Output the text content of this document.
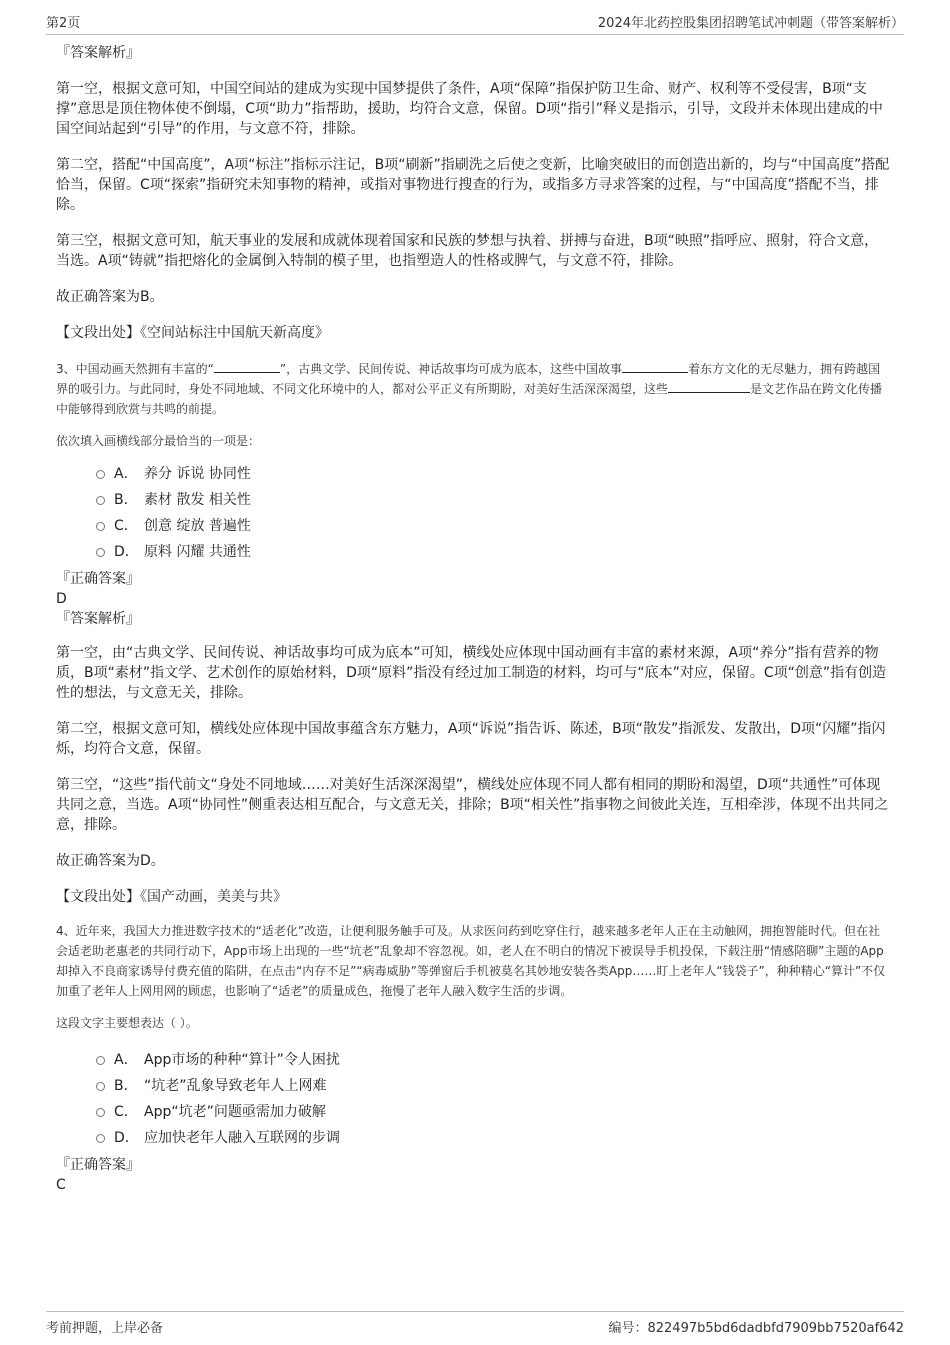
第2页	2024年北药控股集团招聘笔试冲刺题（带答案解析）

『答案解析』

第一空，根据文意可知，中国空间站的建成为实现中国梦提供了条件，A项“保障”指保护防卫生命、财产、权利等不受侵害，B项“支撑”意思是顶住物体使不倒塌，C项“助力”指帮助，援助，均符合文意，保留。D项“指引”释义是指示，引导，文段并未体现出建成的中国空间站起到“引导”的作用，与文意不符，排除。

第二空，搭配“中国高度”，A项“标注”指标示注记，B项“刷新”指刷洗之后使之变新，比喻突破旧的而创造出新的，均与“中国高度”搭配恰当，保留。C项“探索”指研究未知事物的精神，或指对事物进行搜查的行为，或指多方寻求答案的过程，与“中国高度”搭配不当，排除。

第三空，根据文意可知，航天事业的发展和成就体现着国家和民族的梦想与执着、拼搏与奋进，B项“映照”指呼应、照射，符合文意，当选。A项“铸就”指把熔化的金属倒入特制的模子里，也指塑造人的性格或脾气，与文意不符，排除。

故正确答案为B。

【文段出处】《空间站标注中国航天新高度》

3、中国动画天然拥有丰富的“	”，古典文学、民间传说、神话故事均可成为底本，这些中国故事	着东方文化的无尽魅力，拥有跨越国界的吸引力。与此同时，身处不同地域、不同文化环境中的人，都对公平正义有所期盼，对美好生活深深渴望，这些	是文艺作品在跨文化传播中能够得到欣赏与共鸣的前提。

依次填入画横线部分最恰当的一项是：

A． 养分 诉说 协同性
B． 素材 散发 相关性
C． 创意 绽放 普遍性
D． 原料 闪耀 共通性

『正确答案』

D

『答案解析』

第一空，由“古典文学、民间传说、神话故事均可成为底本”可知，横线处应体现中国动画有丰富的素材来源，A项“养分”指有营养的物质，B项“素材”指文学、艺术创作的原始材料，D项“原料”指没有经过加工制造的材料，均可与“底本”对应，保留。C项“创意”指有创造性的想法，与文意无关，排除。

第二空，根据文意可知，横线处应体现中国故事蕴含东方魅力，A项“诉说”指告诉、陈述，B项“散发”指派发、发散出，D项“闪耀”指闪烁，均符合文意，保留。

第三空，“这些”指代前文“身处不同地域……对美好生活深深渴望”，横线处应体现不同人都有相同的期盼和渴望，D项“共通性”可体现共同之意，当选。A项“协同性”侧重表达相互配合，与文意无关，排除；B项“相关性”指事物之间彼此关连，互相牵涉，体现不出共同之意，排除。

故正确答案为D。

【文段出处】《国产动画，美美与共》

4、近年来，我国大力推进数字技术的“适老化”改造，让便利服务触手可及。从求医问药到吃穿住行，越来越多老年人正在主动触网，拥抱智能时代。但在社会适老助老惠老的共同行动下，App市场上出现的一些“坑老”乱象却不容忽视。如，老人在不明白的情况下被误导手机投保，下载注册“情感陪聊”主题的App却掉入不良商家诱导付费充值的陷阱，在点击“内存不足”“病毒威胁”等弹窗后手机被莫名其妙地安装各类App……盯上老年人“钱袋子”，种种精心“算计”不仅加重了老年人上网用网的顾虑，也影响了“适老”的质量成色，拖慢了老年人融入数字生活的步调。

这段文字主要想表达（ ）。

A． App市场的种种“算计”令人困扰
B． “坑老”乱象导致老年人上网难
C． App“坑老”问题亟需加力破解
D． 应加快老年人融入互联网的步调

『正确答案』

C

考前押题，上岸必备	编号：822497b5bd6dadbfd7909bb7520af642
